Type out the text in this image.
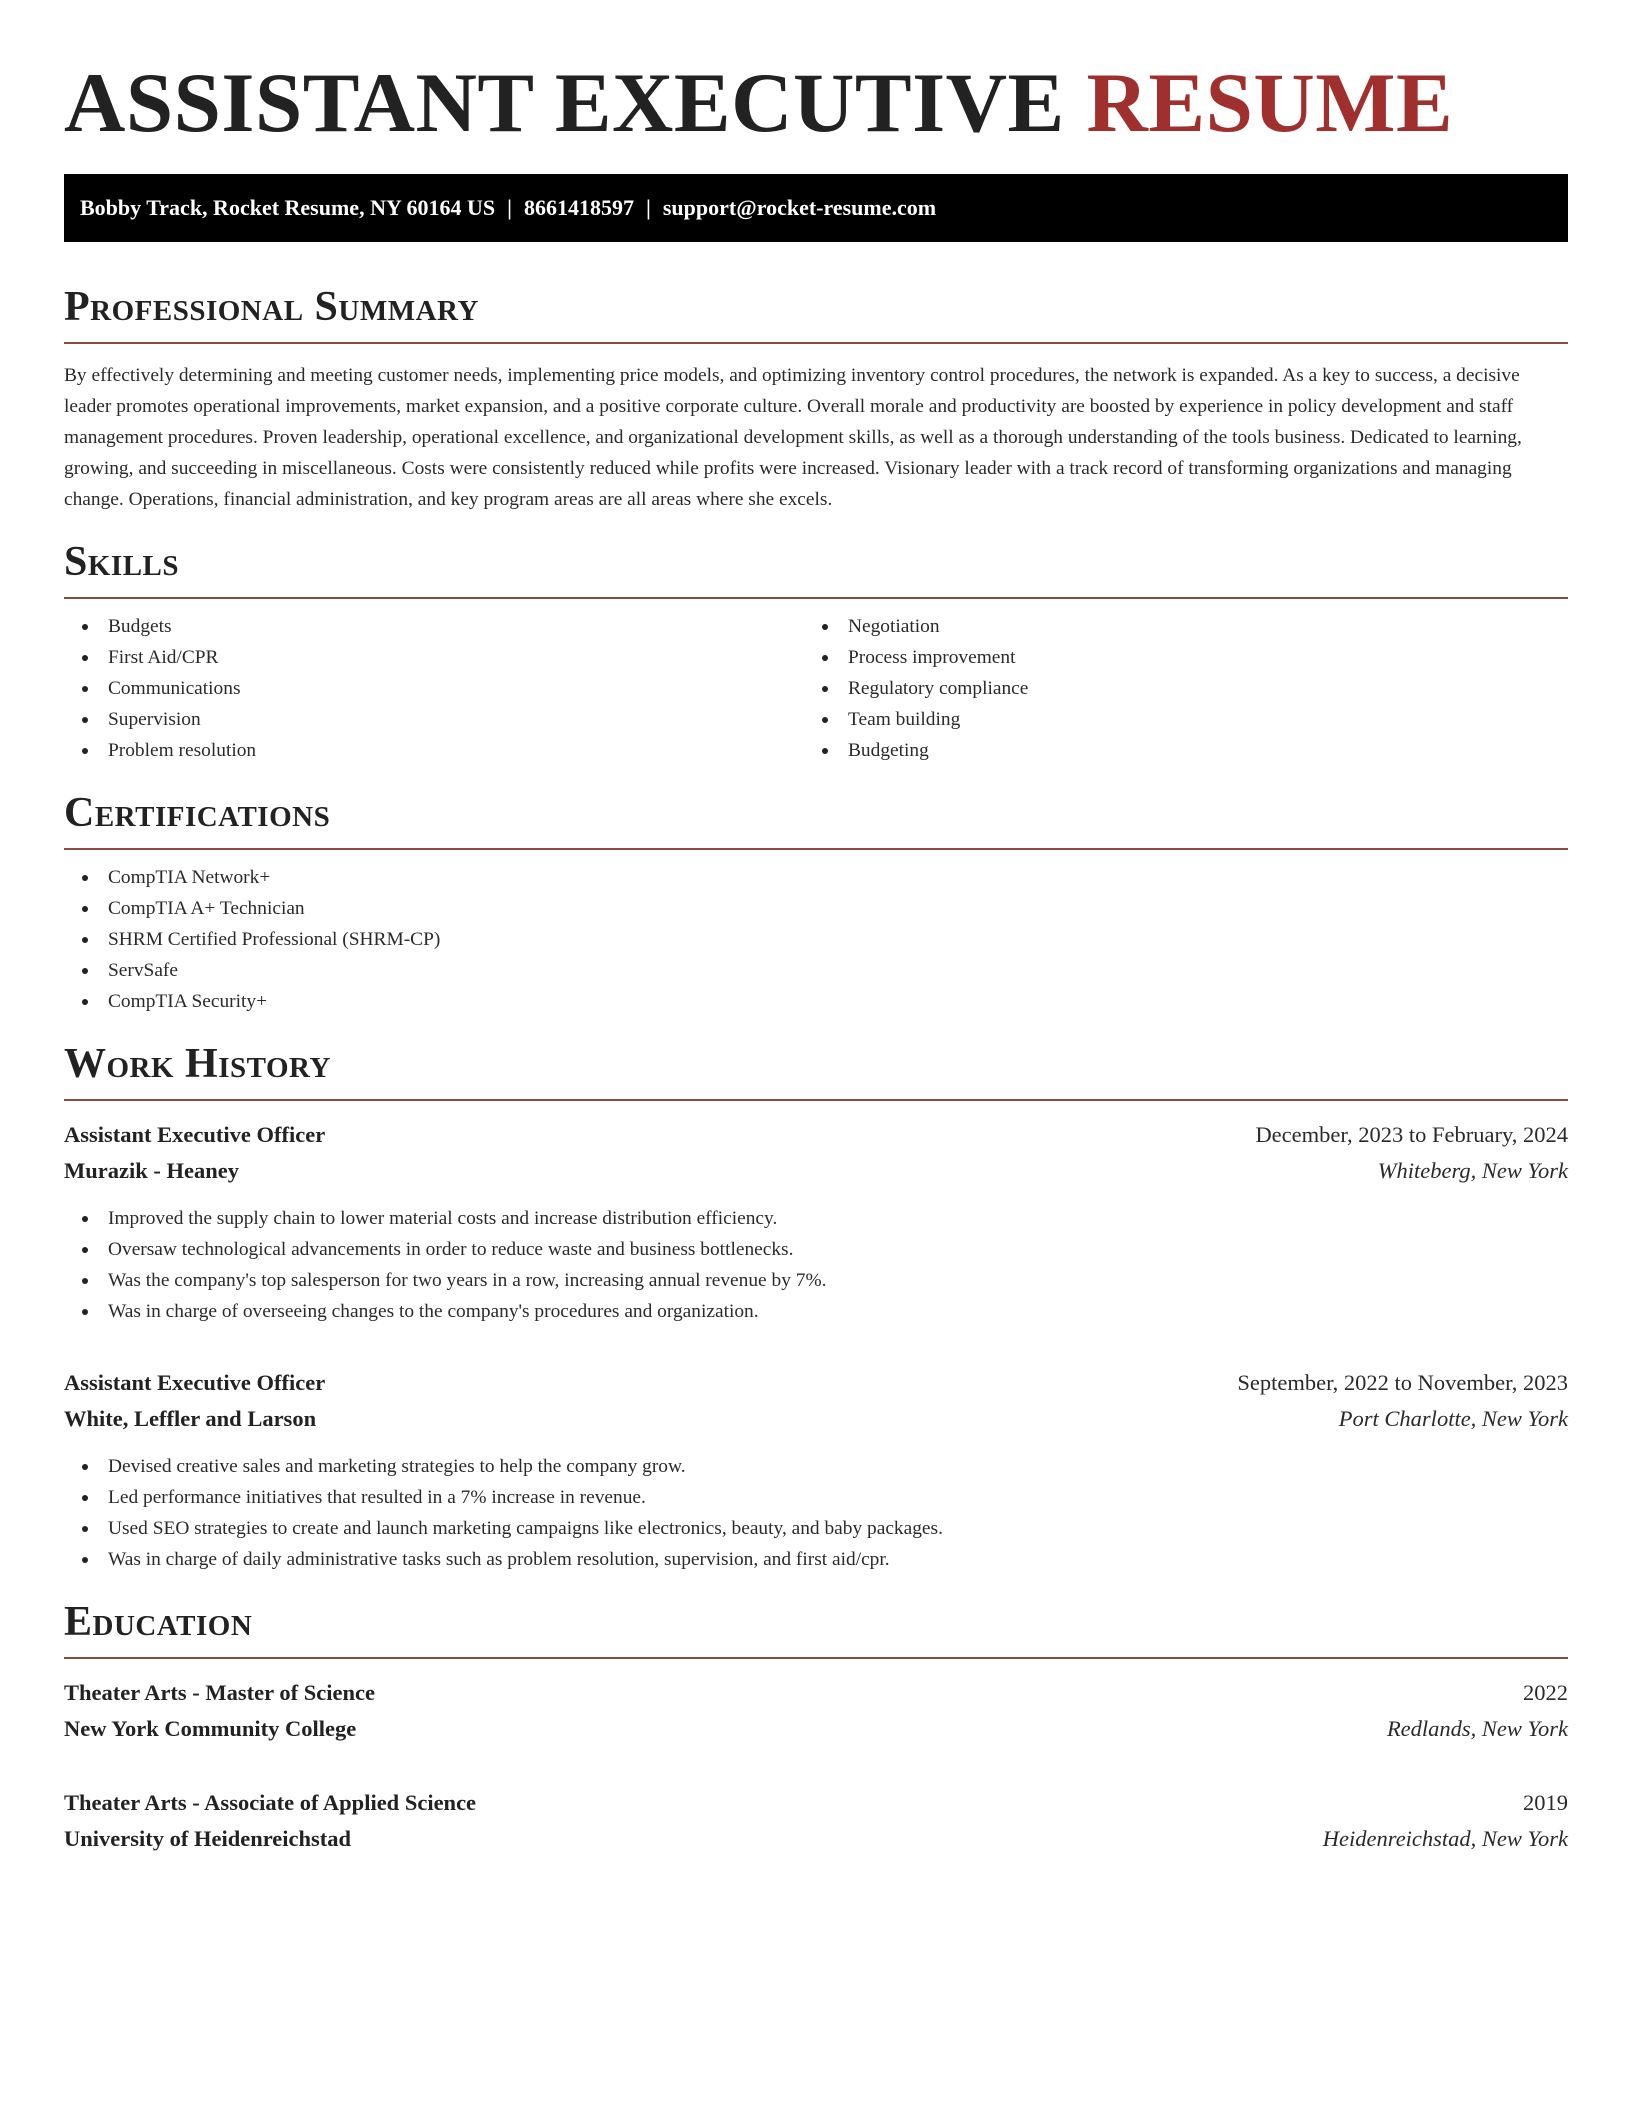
ASSISTANT EXECUTIVE RESUME
Bobby Track, Rocket Resume, NY 60164 US | 8661418597 | support@rocket-resume.com
Professional Summary

By effectively determining and meeting customer needs, implementing price models, and optimizing inventory control procedures, the network is expanded. As a key to success, a decisive leader promotes operational improvements, market expansion, and a positive corporate culture. Overall morale and productivity are boosted by experience in policy development and staff management procedures. Proven leadership, operational excellence, and organizational development skills, as well as a thorough understanding of the tools business. Dedicated to learning, growing, and succeeding in miscellaneous. Costs were consistently reduced while profits were increased. Visionary leader with a track record of transforming organizations and managing change. Operations, financial administration, and key program areas are all areas where she excels.

Skills
Budgets
First Aid/CPR
Communications
Supervision
Problem resolution
Negotiation
Process improvement
Regulatory compliance
Team building
Budgeting
Certifications
CompTIA Network+
CompTIA A+ Technician
SHRM Certified Professional (SHRM-CP)
ServSafe
CompTIA Security+
Work History
Assistant Executive Officer	December, 2023 to February, 2024
Murazik - Heaney	Whiteberg, New York
Improved the supply chain to lower material costs and increase distribution efficiency.
Oversaw technological advancements in order to reduce waste and business bottlenecks.
Was the company's top salesperson for two years in a row, increasing annual revenue by 7%.
Was in charge of overseeing changes to the company's procedures and organization.
Assistant Executive Officer	September, 2022 to November, 2023
White, Leffler and Larson	Port Charlotte, New York
Devised creative sales and marketing strategies to help the company grow.
Led performance initiatives that resulted in a 7% increase in revenue.
Used SEO strategies to create and launch marketing campaigns like electronics, beauty, and baby packages.
Was in charge of daily administrative tasks such as problem resolution, supervision, and first aid/cpr.
Education
Theater Arts - Master of Science	2022
New York Community College	Redlands, New York
Theater Arts - Associate of Applied Science	2019
University of Heidenreichstad	Heidenreichstad, New York
